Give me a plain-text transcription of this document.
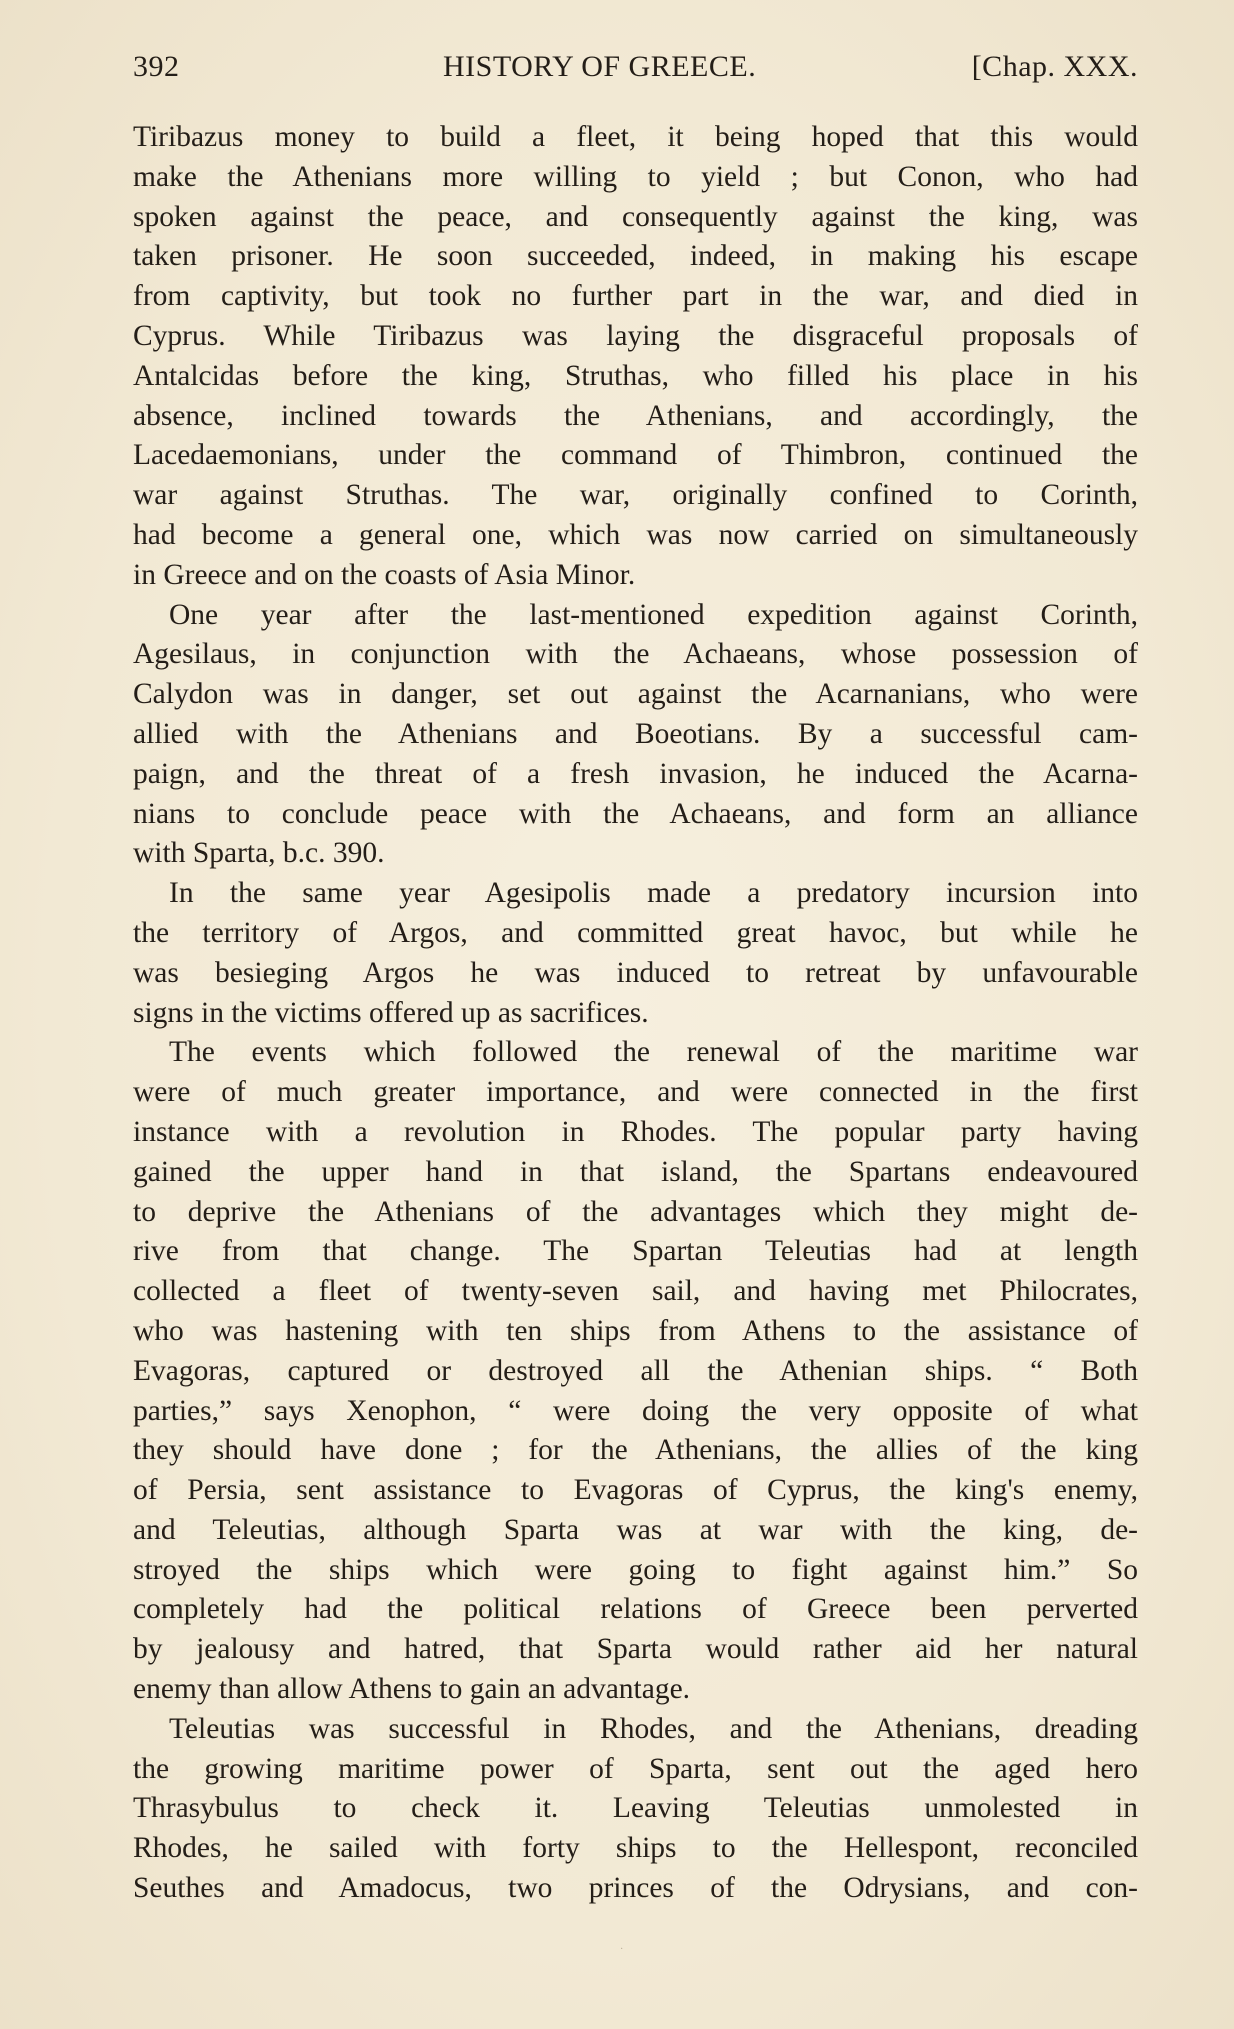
392	HISTORY OF GREECE.	[Chap. XXX.
Tiribazus money to build a fleet, it being hoped that this would
make the Athenians more willing to yield ; but Conon, who had
spoken against the peace, and consequently against the king, was
taken prisoner. He soon succeeded, indeed, in making his escape
from captivity, but took no further part in the war, and died in
Cyprus. While Tiribazus was laying the disgraceful proposals of
Antalcidas before the king, Struthas, who filled his place in his
absence, inclined towards the Athenians, and accordingly, the
Lacedaemonians, under the command of Thimbron, continued the
war against Struthas. The war, originally confined to Corinth,
had become a general one, which was now carried on simultaneously
in Greece and on the coasts of Asia Minor.
One year after the last-mentioned expedition against Corinth,
Agesilaus, in conjunction with the Achaeans, whose possession of
Calydon was in danger, set out against the Acarnanians, who were
allied with the Athenians and Boeotians. By a successful cam-
paign, and the threat of a fresh invasion, he induced the Acarna-
nians to conclude peace with the Achaeans, and form an alliance
with Sparta, b.c. 390.
In the same year Agesipolis made a predatory incursion into
the territory of Argos, and committed great havoc, but while he
was besieging Argos he was induced to retreat by unfavourable
signs in the victims offered up as sacrifices.
The events which followed the renewal of the maritime war
were of much greater importance, and were connected in the first
instance with a revolution in Rhodes. The popular party having
gained the upper hand in that island, the Spartans endeavoured
to deprive the Athenians of the advantages which they might de-
rive from that change. The Spartan Teleutias had at length
collected a fleet of twenty-seven sail, and having met Philocrates,
who was hastening with ten ships from Athens to the assistance of
Evagoras, captured or destroyed all the Athenian ships. “ Both
parties,” says Xenophon, “ were doing the very opposite of what
they should have done ; for the Athenians, the allies of the king
of Persia, sent assistance to Evagoras of Cyprus, the king's enemy,
and Teleutias, although Sparta was at war with the king, de-
stroyed the ships which were going to fight against him.” So
completely had the political relations of Greece been perverted
by jealousy and hatred, that Sparta would rather aid her natural
enemy than allow Athens to gain an advantage.
Teleutias was successful in Rhodes, and the Athenians, dreading
the growing maritime power of Sparta, sent out the aged hero
Thrasybulus to check it. Leaving Teleutias unmolested in
Rhodes, he sailed with forty ships to the Hellespont, reconciled
Seuthes and Amadocus, two princes of the Odrysians, and con-
·
